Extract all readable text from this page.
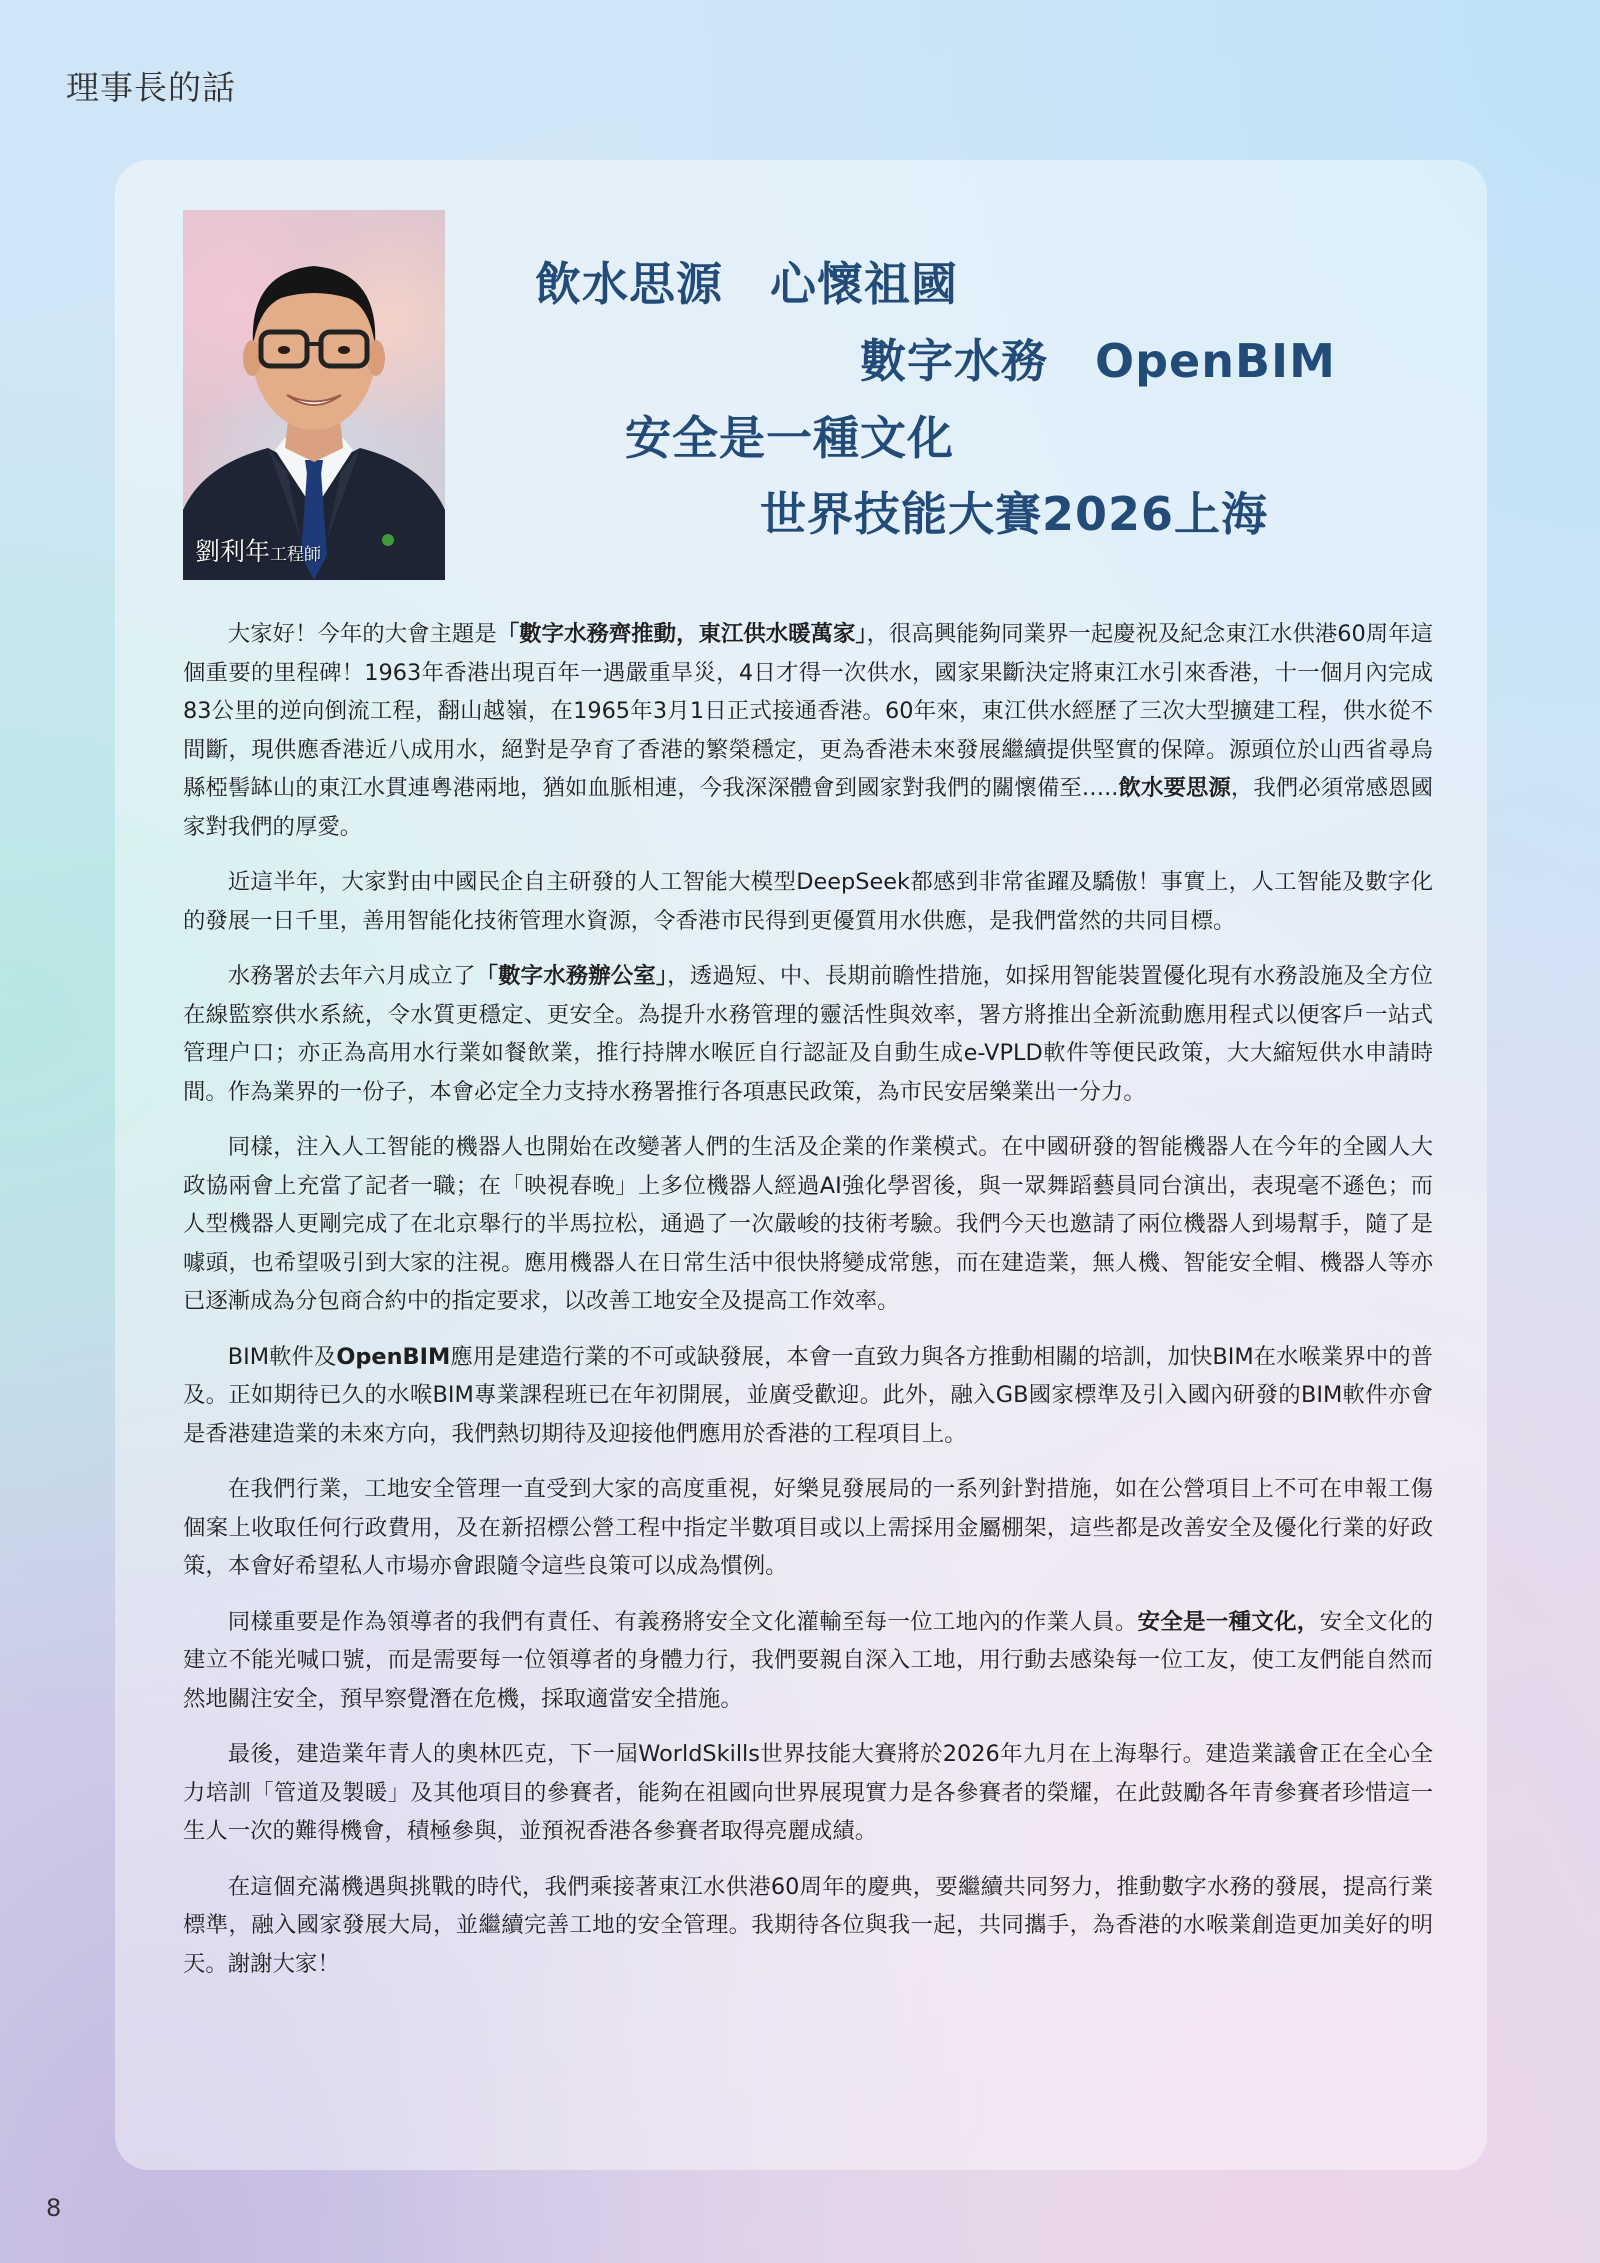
理事長的話
劉利年工程師
飲水思源　心懷祖國
數字水務　OpenBIM
安全是一種文化
世界技能大賽2026上海

大家好！今年的大會主題是「數字水務齊推動，東江供水暖萬家」，很高興能夠同業界一起慶祝及紀念東江水供港60周年這個重要的里程碑！1963年香港出現百年一遇嚴重旱災，4日才得一次供水，國家果斷決定將東江水引來香港，十一個月內完成83公里的逆向倒流工程，翻山越嶺，在1965年3月1日正式接通香港。60年來，東江供水經歷了三次大型擴建工程，供水從不間斷，現供應香港近八成用水，絕對是孕育了香港的繁榮穩定，更為香港未來發展繼續提供堅實的保障。源頭位於山西省尋烏縣椏髻缽山的東江水貫連粵港兩地，猶如血脈相連，今我深深體會到國家對我們的關懷備至…..飲水要思源，我們必須常感恩國家對我們的厚愛。

近這半年，大家對由中國民企自主研發的人工智能大模型DeepSeek都感到非常雀躍及驕傲！事實上，人工智能及數字化的發展一日千里，善用智能化技術管理水資源，令香港市民得到更優質用水供應，是我們當然的共同目標。

水務署於去年六月成立了「數字水務辦公室」，透過短、中、長期前瞻性措施，如採用智能裝置優化現有水務設施及全方位在線監察供水系統，令水質更穩定、更安全。為提升水務管理的靈活性與效率，署方將推出全新流動應用程式以便客戶一站式管理户口；亦正為高用水行業如餐飲業，推行持牌水喉匠自行認証及自動生成e-VPLD軟件等便民政策，大大縮短供水申請時間。作為業界的一份子，本會必定全力支持水務署推行各項惠民政策，為市民安居樂業出一分力。

同樣，注入人工智能的機器人也開始在改變著人們的生活及企業的作業模式。在中國研發的智能機器人在今年的全國人大政協兩會上充當了記者一職；在「映視春晚」上多位機器人經過AI強化學習後，與一眾舞蹈藝員同台演出，表現毫不遜色；而人型機器人更剛完成了在北京舉行的半馬拉松，通過了一次嚴峻的技術考驗。我們今天也邀請了兩位機器人到場幫手，隨了是噱頭，也希望吸引到大家的注視。應用機器人在日常生活中很快將變成常態，而在建造業，無人機、智能安全帽、機器人等亦已逐漸成為分包商合約中的指定要求，以改善工地安全及提高工作效率。

BIM軟件及OpenBIM應用是建造行業的不可或缺發展，本會一直致力與各方推動相關的培訓，加快BIM在水喉業界中的普及。正如期待已久的水喉BIM專業課程班已在年初開展，並廣受歡迎。此外，融入GB國家標準及引入國內研發的BIM軟件亦會是香港建造業的未來方向，我們熱切期待及迎接他們應用於香港的工程項目上。

在我們行業，工地安全管理一直受到大家的高度重視，好樂見發展局的一系列針對措施，如在公營項目上不可在申報工傷個案上收取任何行政費用，及在新招標公營工程中指定半數項目或以上需採用金屬棚架，這些都是改善安全及優化行業的好政策，本會好希望私人市場亦會跟隨令這些良策可以成為慣例。

同樣重要是作為領導者的我們有責任、有義務將安全文化灌輸至每一位工地內的作業人員。安全是一種文化，安全文化的建立不能光喊口號，而是需要每一位領導者的身體力行，我們要親自深入工地，用行動去感染每一位工友，使工友們能自然而然地關注安全，預早察覺潛在危機，採取適當安全措施。

最後，建造業年青人的奧林匹克，下一屆WorldSkills世界技能大賽將於2026年九月在上海舉行。建造業議會正在全心全力培訓「管道及製暖」及其他項目的參賽者，能夠在祖國向世界展現實力是各參賽者的榮耀，在此鼓勵各年青參賽者珍惜這一生人一次的難得機會，積極參與，並預祝香港各參賽者取得亮麗成績。

在這個充滿機遇與挑戰的時代，我們乘接著東江水供港60周年的慶典，要繼續共同努力，推動數字水務的發展，提高行業標準，融入國家發展大局，並繼續完善工地的安全管理。我期待各位與我一起，共同攜手，為香港的水喉業創造更加美好的明天。謝謝大家！

8
